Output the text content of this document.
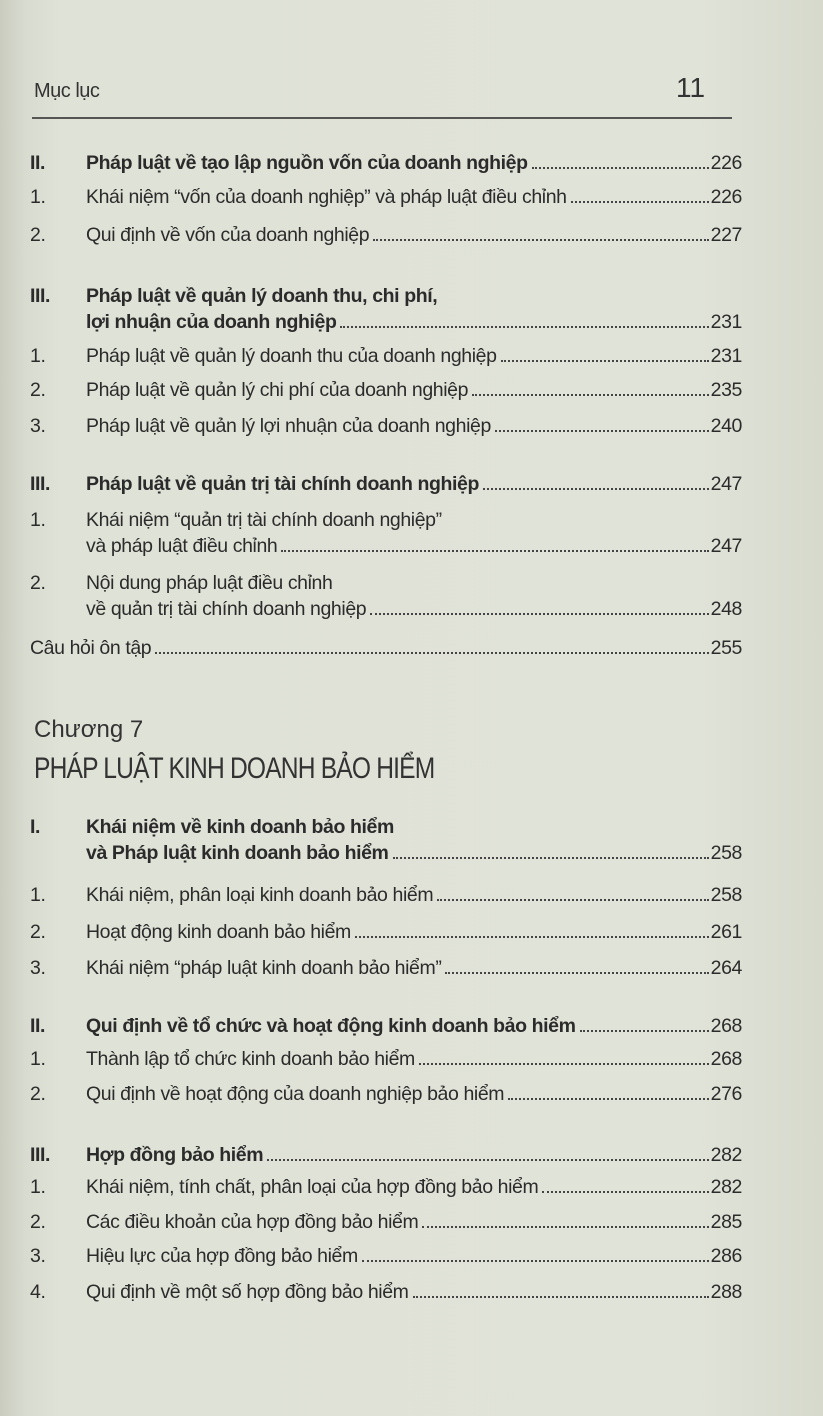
Mục lục	11
Chương 7
PHÁP LUẬT KINH DOANH BẢO HIỂM
II.	Pháp luật về tạo lập nguồn vốn của doanh nghiệp	226
1.	Khái niệm “vốn của doanh nghiệp” và pháp luật điều chỉnh	226
2.	Qui định về vốn của doanh nghiệp	227
III.	Pháp luật về quản lý doanh thu, chi phí,
lợi nhuận của doanh nghiệp	231
1.	Pháp luật về quản lý doanh thu của doanh nghiệp	231
2.	Pháp luật về quản lý chi phí của doanh nghiệp	235
3.	Pháp luật về quản lý lợi nhuận của doanh nghiệp	240
III.	Pháp luật về quản trị tài chính doanh nghiệp	247
1.	Khái niệm “quản trị tài chính doanh nghiệp”
và pháp luật điều chỉnh	247
2.	Nội dung pháp luật điều chỉnh
về quản trị tài chính doanh nghiệp	248
Câu hỏi ôn tập	255
I.	Khái niệm về kinh doanh bảo hiểm
và Pháp luật kinh doanh bảo hiểm	258
1.	Khái niệm, phân loại kinh doanh bảo hiểm	258
2.	Hoạt động kinh doanh bảo hiểm	261
3.	Khái niệm “pháp luật kinh doanh bảo hiểm”	264
II.	Qui định về tổ chức và hoạt động kinh doanh bảo hiểm	268
1.	Thành lập tổ chức kinh doanh bảo hiểm	268
2.	Qui định về hoạt động của doanh nghiệp bảo hiểm	276
III.	Hợp đồng bảo hiểm	282
1.	Khái niệm, tính chất, phân loại của hợp đồng bảo hiểm	282
2.	Các điều khoản của hợp đồng bảo hiểm	285
3.	Hiệu lực của hợp đồng bảo hiểm	286
4.	Qui định về một số hợp đồng bảo hiểm	288
